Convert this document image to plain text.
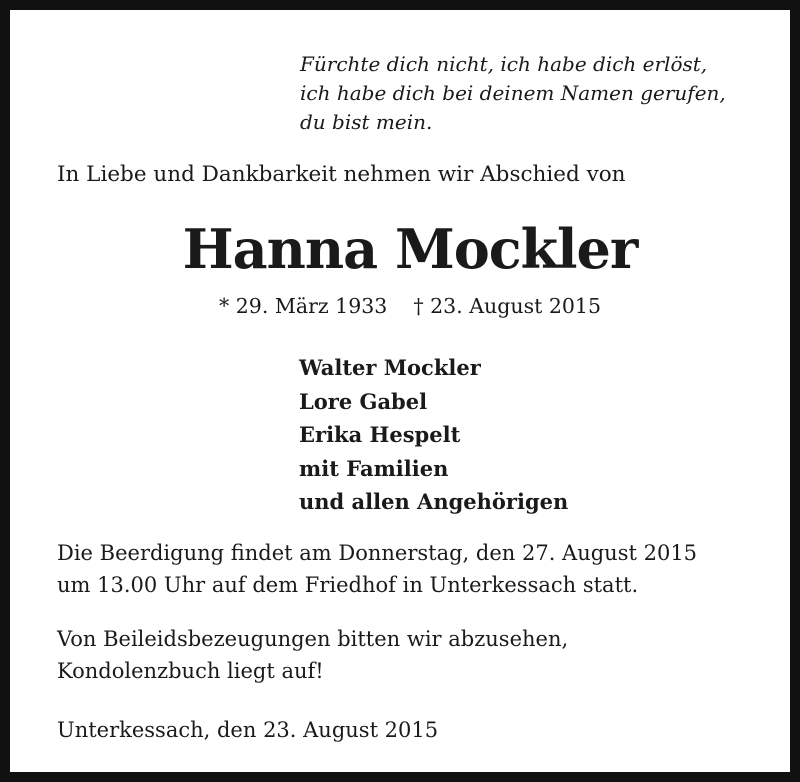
Fürchte dich nicht, ich habe dich erlöst,
ich habe dich bei deinem Namen gerufen,
du bist mein.
In Liebe und Dankbarkeit nehmen wir Abschied von
Hanna Mockler
* 29. März 1933 † 23. August 2015
Walter Mockler
Lore Gabel
Erika Hespelt
mit Familien
und allen Angehörigen
Die Beerdigung findet am Donnerstag, den 27. August 2015
um 13.00 Uhr auf dem Friedhof in Unterkessach statt.
Von Beileidsbezeugungen bitten wir abzusehen,
Kondolenzbuch liegt auf!
Unterkessach, den 23. August 2015
